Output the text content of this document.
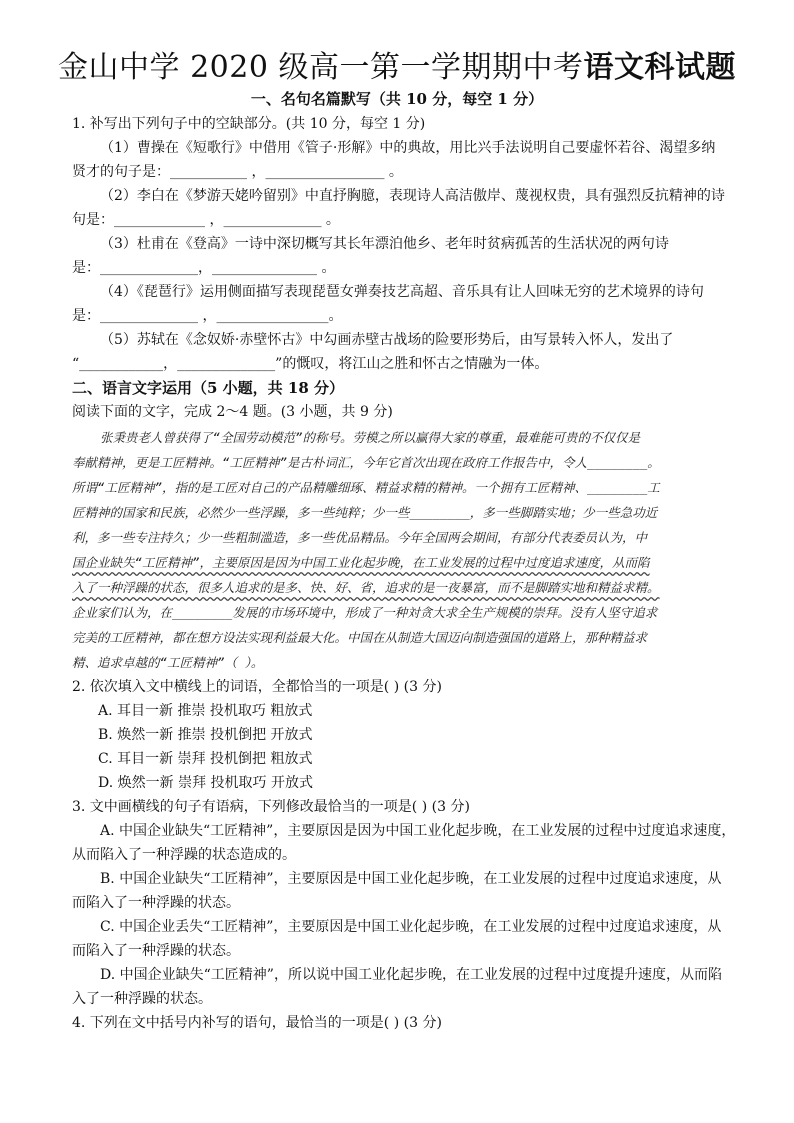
金山中学 2020 级高一第一学期期中考语文科试题
一、名句名篇默写（共 10 分，每空 1 分）
1. 补写出下列句子中的空缺部分。(共 10 分，每空 1 分)
（1）曹操在《短歌行》中借用《管子·形解》中的典故，用比兴手法说明自己要虚怀若谷、渴望多纳
贤才的句子是：___________ ，_________________ 。
（2）李白在《梦游天姥吟留别》中直抒胸臆，表现诗人高洁傲岸、蔑视权贵，具有强烈反抗精神的诗
句是：_____________ ，______________ 。
（3）杜甫在《登高》一诗中深切概写其长年漂泊他乡、老年时贫病孤苦的生活状况的两句诗
是：______________，_______________ 。
（4）《琵琶行》运用侧面描写表现琵琶女弹奏技艺高超、音乐具有让人回味无穷的艺术境界的诗句
是：______________ ，________________。
（5）苏轼在《念奴娇·赤壁怀古》中勾画赤壁古战场的险要形势后，由写景转入怀人，发出了
“____________，______________”的慨叹，将江山之胜和怀古之情融为一体。
二、语言文字运用（5 小题，共 18 分）
阅读下面的文字，完成 2～4 题。(3 小题，共 9 分)
张秉贵老人曾获得了“全国劳动模范”的称号。劳模之所以赢得大家的尊重，最难能可贵的不仅仅是
奉献精神，更是工匠精神。“工匠精神”是古朴词汇，今年它首次出现在政府工作报告中，令人________。
所谓“工匠精神”，指的是工匠对自己的产品精雕细琢、精益求精的精神。一个拥有工匠精神、________工
匠精神的国家和民族，必然少一些浮躁，多一些纯粹；少一些________，多一些脚踏实地；少一些急功近
利，多一些专注持久；少一些粗制滥造，多一些优品精品。今年全国两会期间，有部分代表委员认为，中
国企业缺失“工匠精神”，主要原因是因为中国工业化起步晚，在工业发展的过程中过度追求速度，从而陷
入了一种浮躁的状态，很多人追求的是多、快、好、省，追求的是一夜暴富，而不是脚踏实地和精益求精。
企业家们认为，在________发展的市场环境中，形成了一种対贪大求全生产规模的崇拜。没有人坚守追求
完美的工匠精神，都在想方设法实现利益最大化。中国在从制造大国迈向制造强国的道路上，那种精益求
精、追求卓越的“工匠精神”（ ）。
2. 依次填入文中横线上的词语，全都恰当的一项是( ) (3 分)
A. 耳目一新 推崇 投机取巧 粗放式
B. 焕然一新 推崇 投机倒把 开放式
C. 耳目一新 崇拜 投机倒把 粗放式
D. 焕然一新 崇拜 投机取巧 开放式
3. 文中画横线的句子有语病，下列修改最恰当的一项是( ) (3 分)
A. 中国企业缺失“工匠精神”，主要原因是因为中国工业化起步晚，在工业发展的过程中过度追求速度，
从而陷入了一种浮躁的状态造成的。
B. 中国企业缺失“工匠精神”，主要原因是中国工业化起步晚，在工业发展的过程中过度追求速度，从
而陷入了一种浮躁的状态。
C. 中国企业丢失“工匠精神”，主要原因是中国工业化起步晚，在工业发展的过程中过度追求速度，从
而陷入了一种浮躁的状态。
D. 中国企业缺失“工匠精神”，所以说中国工业化起步晚，在工业发展的过程中过度提升速度，从而陷
入了一种浮躁的状态。
4. 下列在文中括号内补写的语句，最恰当的一项是( ) (3 分)
